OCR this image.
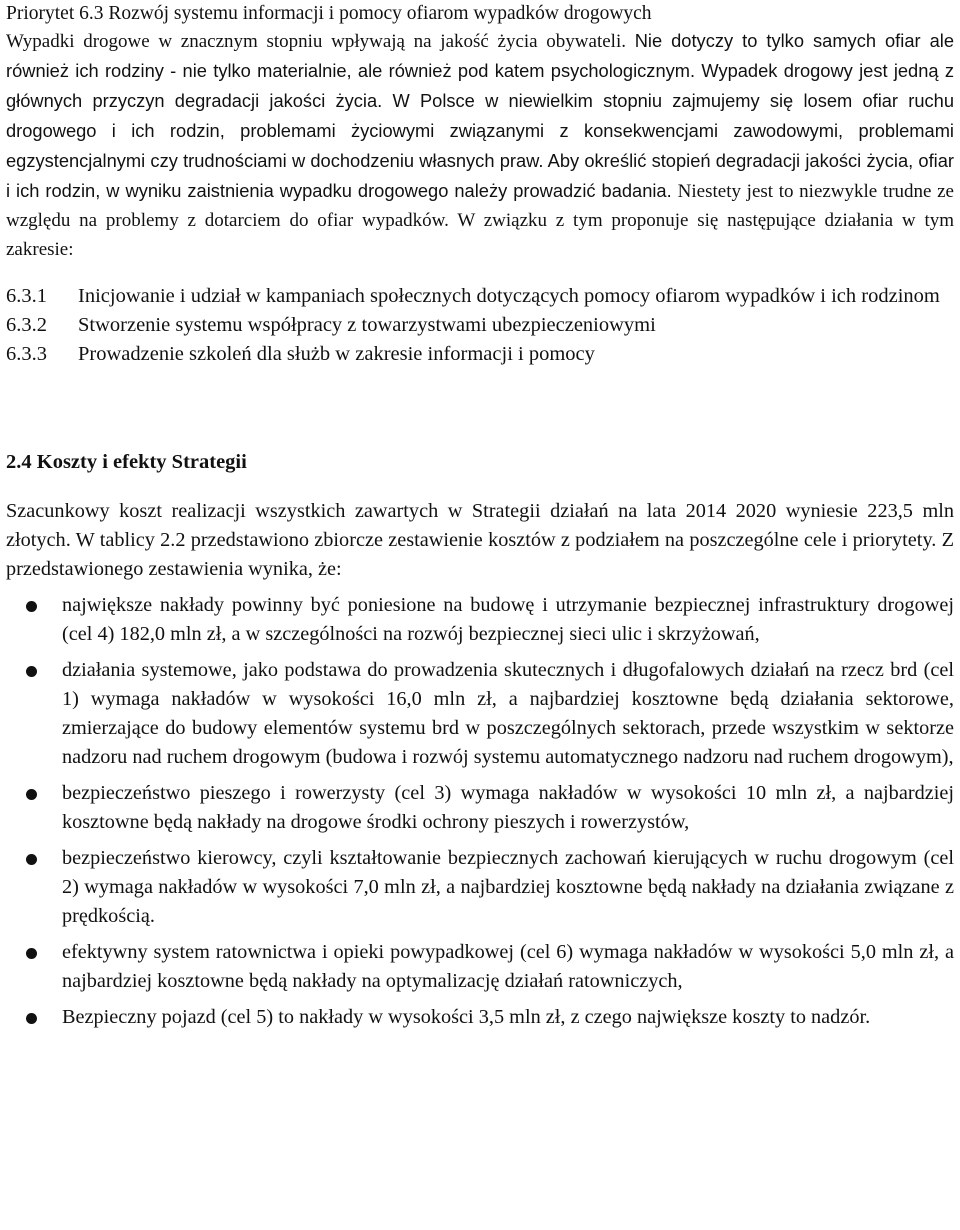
Priorytet 6.3 Rozwój systemu informacji i pomocy ofiarom wypadków drogowych

Wypadki drogowe w znacznym stopniu wpływają na jakość życia obywateli. Nie dotyczy to tylko samych ofiar ale również ich rodziny - nie tylko materialnie, ale również pod katem psychologicznym. Wypadek drogowy jest jedną z głównych przyczyn degradacji jakości życia. W Polsce w niewielkim stopniu zajmujemy się losem ofiar ruchu drogowego i ich rodzin, problemami życiowymi związanymi z konsekwencjami zawodowymi, problemami egzystencjalnymi czy trudnościami w dochodzeniu własnych praw. Aby określić stopień degradacji jakości życia, ofiar i ich rodzin, w wyniku zaistnienia wypadku drogowego należy prowadzić badania. Niestety jest to niezwykle trudne ze względu na problemy z dotarciem do ofiar wypadków. W związku z tym proponuje się następujące działania w tym zakresie:

6.3.1	Inicjowanie i udział w kampaniach społecznych dotyczących pomocy ofiarom wypadków i ich rodzinom
6.3.2	Stworzenie systemu współpracy z towarzystwami ubezpieczeniowymi
6.3.3	Prowadzenie szkoleń dla służb w zakresie informacji i pomocy
2.4 Koszty i efekty Strategii

Szacunkowy koszt realizacji wszystkich zawartych w Strategii działań na lata 2014 2020 wyniesie 223,5 mln złotych. W tablicy 2.2 przedstawiono zbiorcze zestawienie kosztów z podziałem na poszczególne cele i priorytety. Z przedstawionego zestawienia wynika, że:

największe nakłady powinny być poniesione na budowę i utrzymanie bezpiecznej infrastruktury drogowej (cel 4) 182,0 mln zł, a w szczególności na rozwój bezpiecznej sieci ulic i skrzyżowań,
działania systemowe, jako podstawa do prowadzenia skutecznych i długofalowych działań na rzecz brd (cel 1) wymaga nakładów w wysokości 16,0 mln zł, a najbardziej kosztowne będą działania sektorowe, zmierzające do budowy elementów systemu brd w poszczególnych sektorach, przede wszystkim w sektorze nadzoru nad ruchem drogowym (budowa i rozwój systemu automatycznego nadzoru nad ruchem drogowym),
bezpieczeństwo pieszego i rowerzysty (cel 3) wymaga nakładów w wysokości 10 mln zł, a najbardziej kosztowne będą nakłady na drogowe środki ochrony pieszych i rowerzystów,
bezpieczeństwo kierowcy, czyli kształtowanie bezpiecznych zachowań kierujących w ruchu drogowym (cel 2) wymaga nakładów w wysokości 7,0 mln zł, a najbardziej kosztowne będą nakłady na działania związane z prędkością.
efektywny system ratownictwa i opieki powypadkowej (cel 6) wymaga nakładów w wysokości 5,0 mln zł, a najbardziej kosztowne będą nakłady na optymalizację działań ratowniczych,
Bezpieczny pojazd (cel 5) to nakłady w wysokości 3,5 mln zł, z czego największe koszty to nadzór.
